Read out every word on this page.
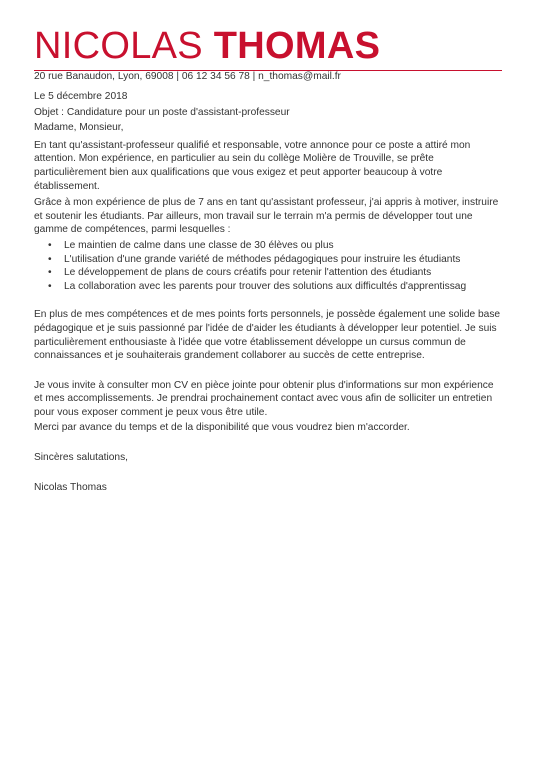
NICOLAS THOMAS
20 rue Banaudon, Lyon, 69008 | 06 12 34 56 78 | n_thomas@mail.fr

Le 5 décembre 2018

Objet : Candidature pour un poste d'assistant-professeur

Madame, Monsieur,

En tant qu'assistant-professeur qualifié et responsable, votre annonce pour ce poste a attiré mon attention. Mon expérience, en particulier au sein du collège Molière de Trouville, se prête particulièrement bien aux qualifications que vous exigez et peut apporter beaucoup à votre établissement.

Grâce à mon expérience de plus de 7 ans en tant qu'assistant professeur, j'ai appris à motiver, instruire et soutenir les étudiants. Par ailleurs, mon travail sur le terrain m'a permis de développer tout une gamme de compétences, parmi lesquelles :

• Le maintien de calme dans une classe de 30 élèves ou plus
• L'utilisation d'une grande variété de méthodes pédagogiques pour instruire les étudiants
• Le développement de plans de cours créatifs pour retenir l'attention des étudiants
• La collaboration avec les parents pour trouver des solutions aux difficultés d'apprentissag

En plus de mes compétences et de mes points forts personnels, je possède également une solide base pédagogique et je suis passionné par l'idée de d'aider les étudiants à développer leur potentiel. Je suis particulièrement enthousiaste à l'idée que votre établissement développe un cursus commun de connaissances et je souhaiterais grandement collaborer au succès de cette entreprise.

Je vous invite à consulter mon CV en pièce jointe pour obtenir plus d'informations sur mon expérience et mes accomplissements. Je prendrai prochainement contact avec vous afin de solliciter un entretien pour vous exposer comment je peux vous être utile.

Merci par avance du temps et de la disponibilité que vous voudrez bien m'accorder.

Sincères salutations,

Nicolas Thomas
